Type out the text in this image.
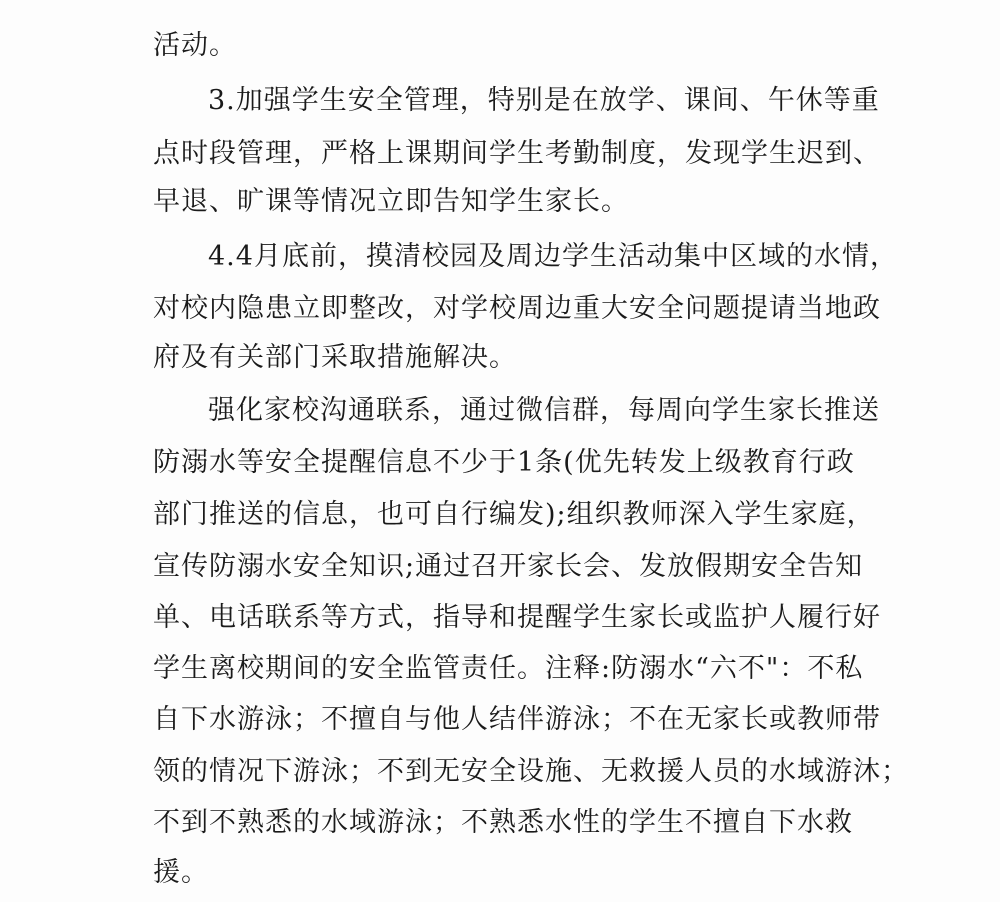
活动。
3.加强学生安全管理，特别是在放学、课间、午休等重
点时段管理，严格上课期间学生考勤制度，发现学生迟到、
早退、旷课等情况立即告知学生家长。
4.4月底前，摸清校园及周边学生活动集中区域的水情，
对校内隐患立即整改，对学校周边重大安全问题提请当地政
府及有关部门采取措施解决。
强化家校沟通联系，通过微信群，每周向学生家长推送
防溺水等安全提醒信息不少于1条(优先转发上级教育行政
部门推送的信息，也可自行编发);组织教师深入学生家庭，
宣传防溺水安全知识;通过召开家长会、发放假期安全告知
单、电话联系等方式，指导和提醒学生家长或监护人履行好
学生离校期间的安全监管责任。注释:防溺水“六不"：不私
自下水游泳；不擅自与他人结伴游泳；不在无家长或教师带
领的情况下游泳；不到无安全设施、无救援人员的水域游沐；
不到不熟悉的水域游泳；不熟悉水性的学生不擅自下水救
援。
